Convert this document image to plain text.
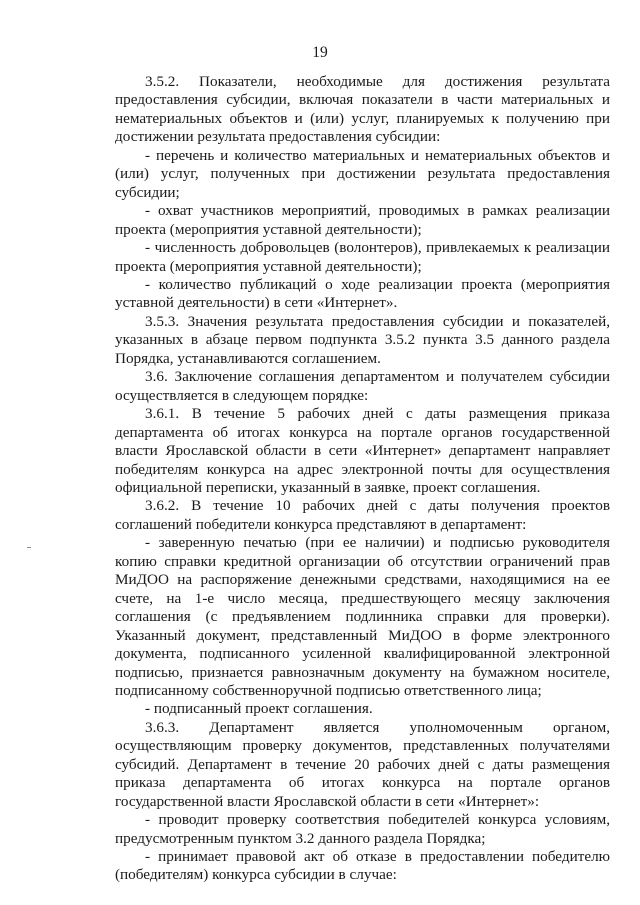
19

3.5.2. Показатели, необходимые для достижения результата предоставления субсидии, включая показатели в части материальных и нематериальных объектов и (или) услуг, планируемых к получению при достижении результата предоставления субсидии:

- перечень и количество материальных и нематериальных объектов и (или) услуг, полученных при достижении результата предоставления субсидии;

- охват участников мероприятий, проводимых в рамках реализации проекта (мероприятия уставной деятельности);

- численность добровольцев (волонтеров), привлекаемых к реализации проекта (мероприятия уставной деятельности);

- количество публикаций о ходе реализации проекта (мероприятия уставной деятельности) в сети «Интернет».

3.5.3. Значения результата предоставления субсидии и показателей, указанных в абзаце первом подпункта 3.5.2 пункта 3.5 данного раздела Порядка, устанавливаются соглашением.

3.6. Заключение соглашения департаментом и получателем субсидии осуществляется в следующем порядке:

3.6.1. В течение 5 рабочих дней с даты размещения приказа департамента об итогах конкурса на портале органов государственной власти Ярославской области в сети «Интернет» департамент направляет победителям конкурса на адрес электронной почты для осуществления официальной переписки, указанный в заявке, проект соглашения.

3.6.2. В течение 10 рабочих дней с даты получения проектов соглашений победители конкурса представляют в департамент:

- заверенную печатью (при ее наличии) и подписью руководителя копию справки кредитной организации об отсутствии ограничений прав МиДОО на распоряжение денежными средствами, находящимися на ее счете, на 1-е число месяца, предшествующего месяцу заключения соглашения (с предъявлением подлинника справки для проверки). Указанный документ, представленный МиДОО в форме электронного документа, подписанного усиленной квалифицированной электронной подписью, признается равнозначным документу на бумажном носителе, подписанному собственноручной подписью ответственного лица;

- подписанный проект соглашения.

3.6.3. Департамент является уполномоченным органом, осуществляющим проверку документов, представленных получателями субсидий. Департамент в течение 20 рабочих дней с даты размещения приказа департамента об итогах конкурса на портале органов государственной власти Ярославской области в сети «Интернет»:

- проводит проверку соответствия победителей конкурса условиям, предусмотренным пунктом 3.2 данного раздела Порядка;

- принимает правовой акт об отказе в предоставлении победителю (победителям) конкурса субсидии в случае:
